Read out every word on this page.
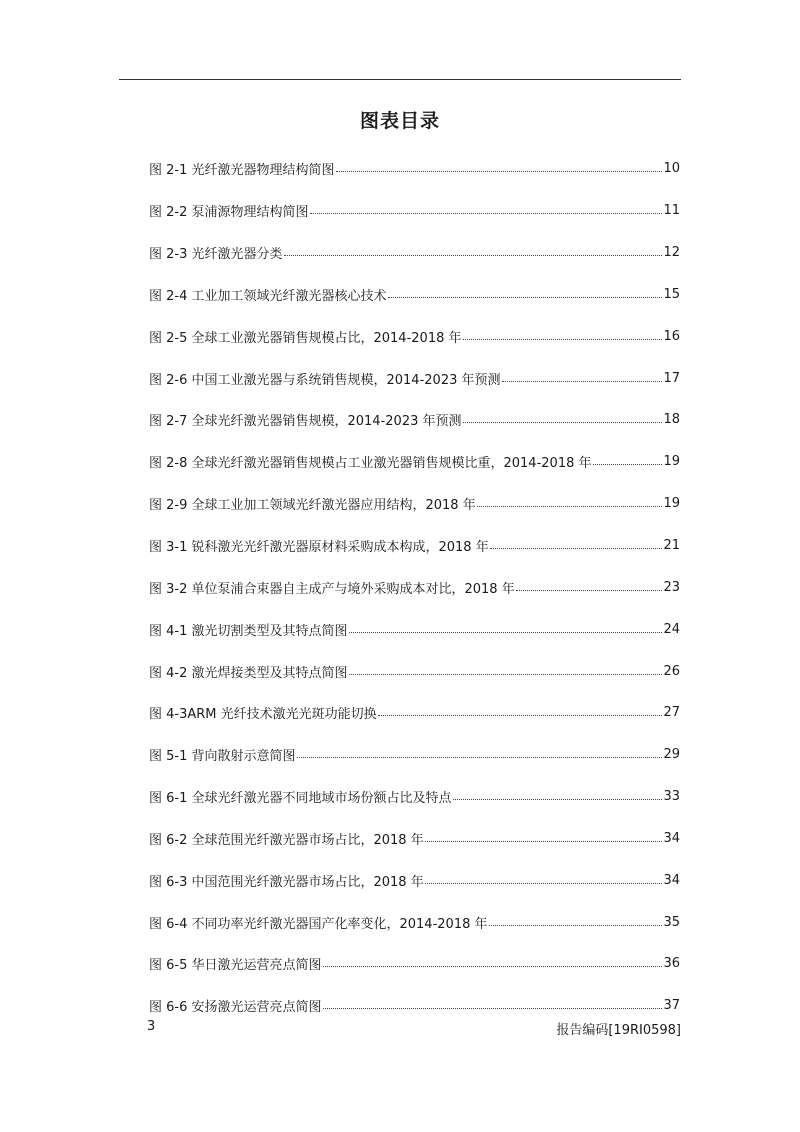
图表目录
图 2-1 光纤激光器物理结构简图	10
图 2-2 泵浦源物理结构简图	11
图 2-3 光纤激光器分类	12
图 2-4 工业加工领域光纤激光器核心技术	15
图 2-5 全球工业激光器销售规模占比，2014-2018 年	16
图 2-6 中国工业激光器与系统销售规模，2014-2023 年预测	17
图 2-7 全球光纤激光器销售规模，2014-2023 年预测	18
图 2-8 全球光纤激光器销售规模占工业激光器销售规模比重，2014-2018 年	19
图 2-9 全球工业加工领域光纤激光器应用结构，2018 年	19
图 3-1 锐科激光光纤激光器原材料采购成本构成，2018 年	21
图 3-2 单位泵浦合束器自主成产与境外采购成本对比，2018 年	23
图 4-1 激光切割类型及其特点简图	24
图 4-2 激光焊接类型及其特点简图	26
图 4-3ARM 光纤技术激光光斑功能切换	27
图 5-1 背向散射示意简图	29
图 6-1 全球光纤激光器不同地域市场份额占比及特点	33
图 6-2 全球范围光纤激光器市场占比，2018 年	34
图 6-3 中国范围光纤激光器市场占比，2018 年	34
图 6-4 不同功率光纤激光器国产化率变化，2014-2018 年	35
图 6-5 华日激光运营亮点简图	36
图 6-6 安扬激光运营亮点简图	37
3	报告编码[19RI0598]
